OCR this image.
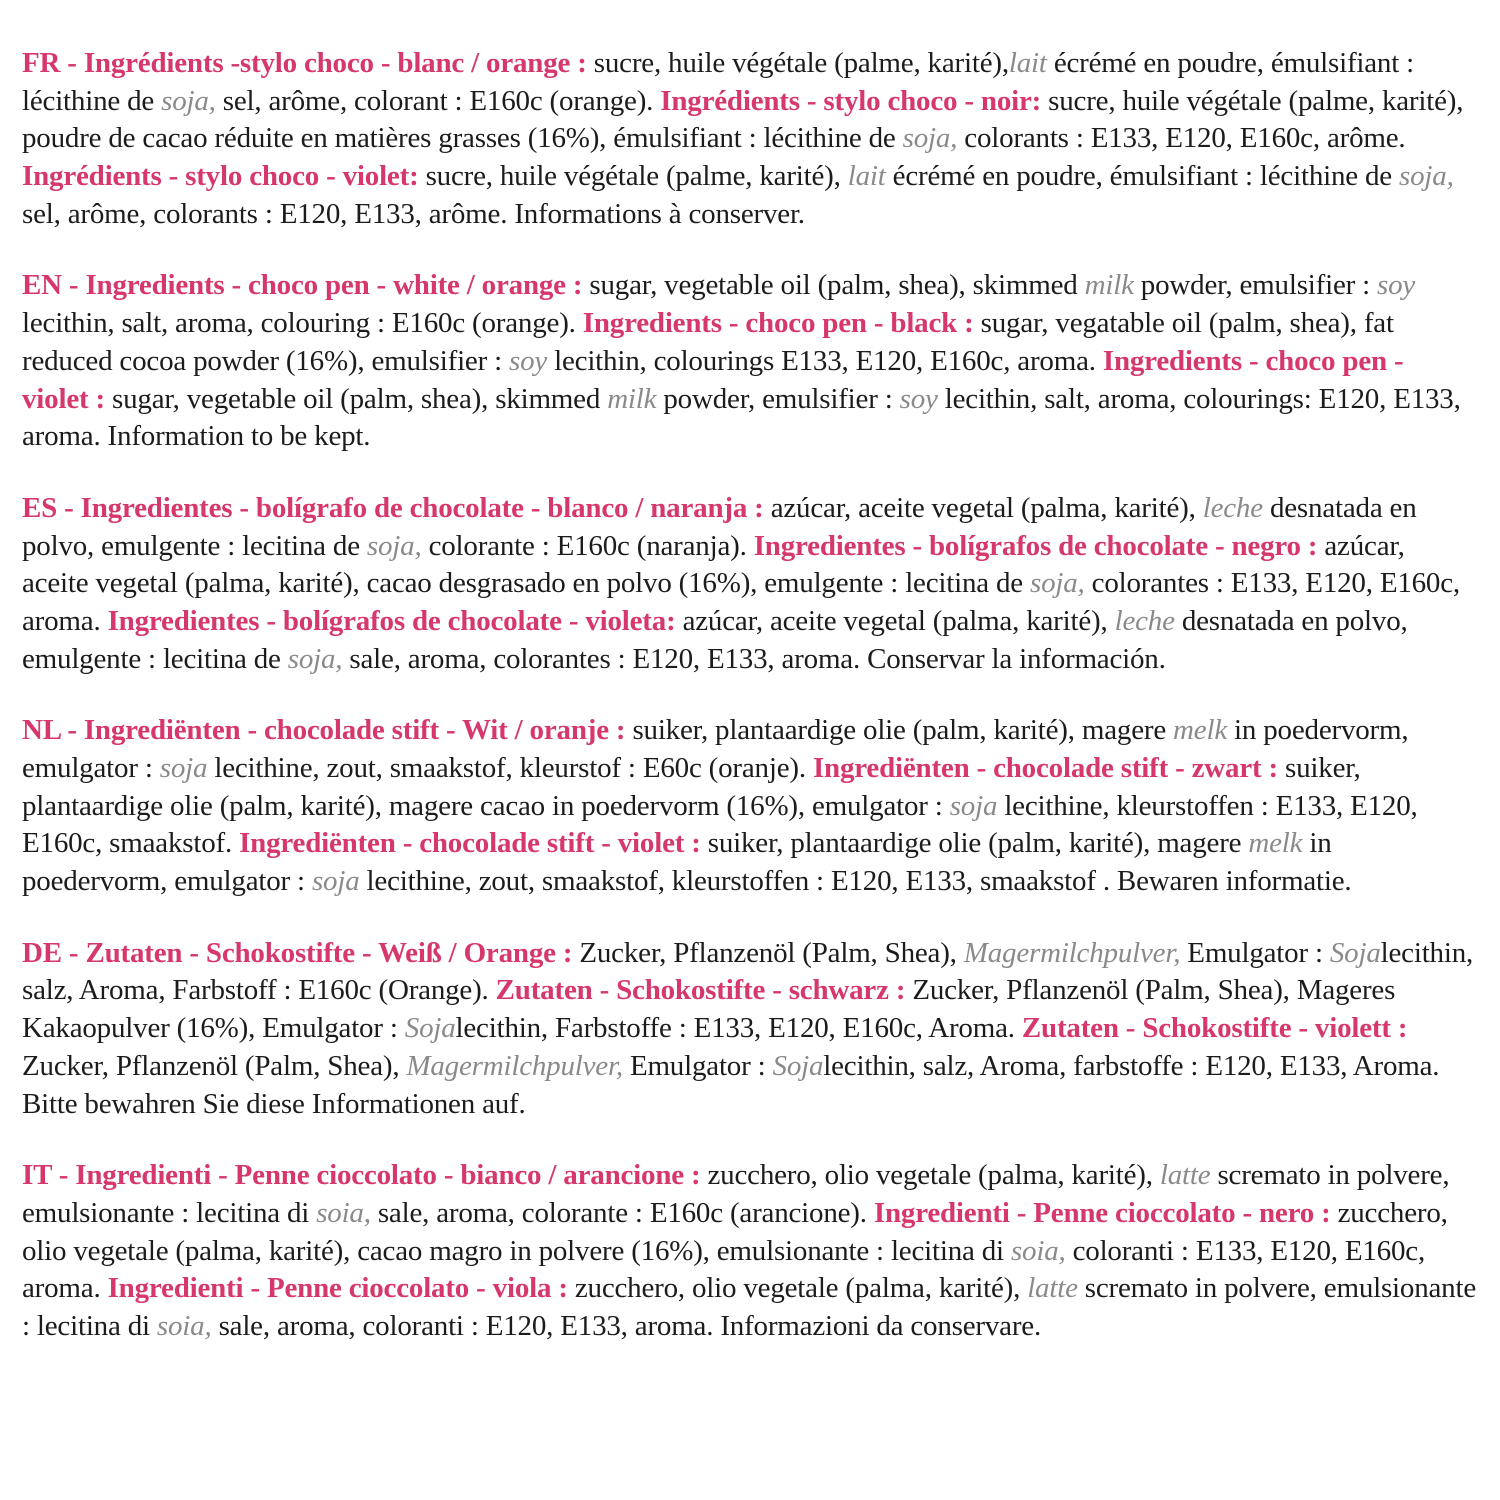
FR - Ingrédients -stylo choco - blanc / orange : sucre, huile végétale (palme, karité),lait écrémé en poudre, émulsifiant : lécithine de soja, sel, arôme, colorant : E160c (orange). Ingrédients - stylo choco - noir: sucre, huile végétale (palme, karité), poudre de cacao réduite en matières grasses (16%), émulsifiant : lécithine de soja, colorants : E133, E120, E160c, arôme. Ingrédients - stylo choco - violet: sucre, huile végétale (palme, karité), lait écrémé en poudre, émulsifiant : lécithine de soja, sel, arôme, colorants : E120, E133, arôme. Informations à conserver.

EN - Ingredients - choco pen - white / orange : sugar, vegetable oil (palm, shea), skimmed milk powder, emulsifier : soy lecithin, salt, aroma, colouring : E160c (orange). Ingredients - choco pen - black : sugar, vegatable oil (palm, shea), fat reduced cocoa powder (16%), emulsifier : soy lecithin, colourings E133, E120, E160c, aroma. Ingredients - choco pen - violet : sugar, vegetable oil (palm, shea), skimmed milk powder, emulsifier : soy lecithin, salt, aroma, colourings: E120, E133, aroma. Information to be kept.

ES - Ingredientes - bolígrafo de chocolate - blanco / naranja : azúcar, aceite vegetal (palma, karité), leche desnatada en polvo, emulgente : lecitina de soja, colorante : E160c (naranja). Ingredientes - bolígrafos de chocolate - negro : azúcar, aceite vegetal (palma, karité), cacao desgrasado en polvo (16%), emulgente : lecitina de soja, colorantes : E133, E120, E160c, aroma. Ingredientes - bolígrafos de chocolate - violeta: azúcar, aceite vegetal (palma, karité), leche desnatada en polvo, emulgente : lecitina de soja, sale, aroma, colorantes : E120, E133, aroma. Conservar la información.

NL - Ingrediënten - chocolade stift - Wit / oranje : suiker, plantaardige olie (palm, karité), magere melk in poedervorm, emulgator : soja lecithine, zout, smaakstof, kleurstof : E60c (oranje). Ingrediënten - chocolade stift - zwart : suiker, plantaardige olie (palm, karité), magere cacao in poedervorm (16%), emulgator : soja lecithine, kleurstoffen : E133, E120, E160c, smaakstof. Ingrediënten - chocolade stift - violet : suiker, plantaardige olie (palm, karité), magere melk in poedervorm, emulgator : soja lecithine, zout, smaakstof, kleurstoffen : E120, E133, smaakstof . Bewaren informatie.

DE - Zutaten - Schokostifte - Weiß / Orange : Zucker, Pflanzenöl (Palm, Shea), Magermilchpulver, Emulgator : Sojalecithin, salz, Aroma, Farbstoff : E160c (Orange). Zutaten - Schokostifte - schwarz : Zucker, Pflanzenöl (Palm, Shea), Mageres Kakaopulver (16%), Emulgator : Sojalecithin, Farbstoffe : E133, E120, E160c, Aroma. Zutaten - Schokostifte - violett : Zucker, Pflanzenöl (Palm, Shea), Magermilchpulver, Emulgator : Sojalecithin, salz, Aroma, farbstoffe : E120, E133, Aroma. Bitte bewahren Sie diese Informationen auf.

IT - Ingredienti - Penne cioccolato - bianco / arancione : zucchero, olio vegetale (palma, karité), latte scremato in polvere, emulsionante : lecitina di soia, sale, aroma, colorante : E160c (arancione). Ingredienti - Penne cioccolato - nero : zucchero, olio vegetale (palma, karité), cacao magro in polvere (16%), emulsionante : lecitina di soia, coloranti : E133, E120, E160c, aroma. Ingredienti - Penne cioccolato - viola : zucchero, olio vegetale (palma, karité), latte scremato in polvere, emulsionante : lecitina di soia, sale, aroma, coloranti : E120, E133, aroma. Informazioni da conservare.
